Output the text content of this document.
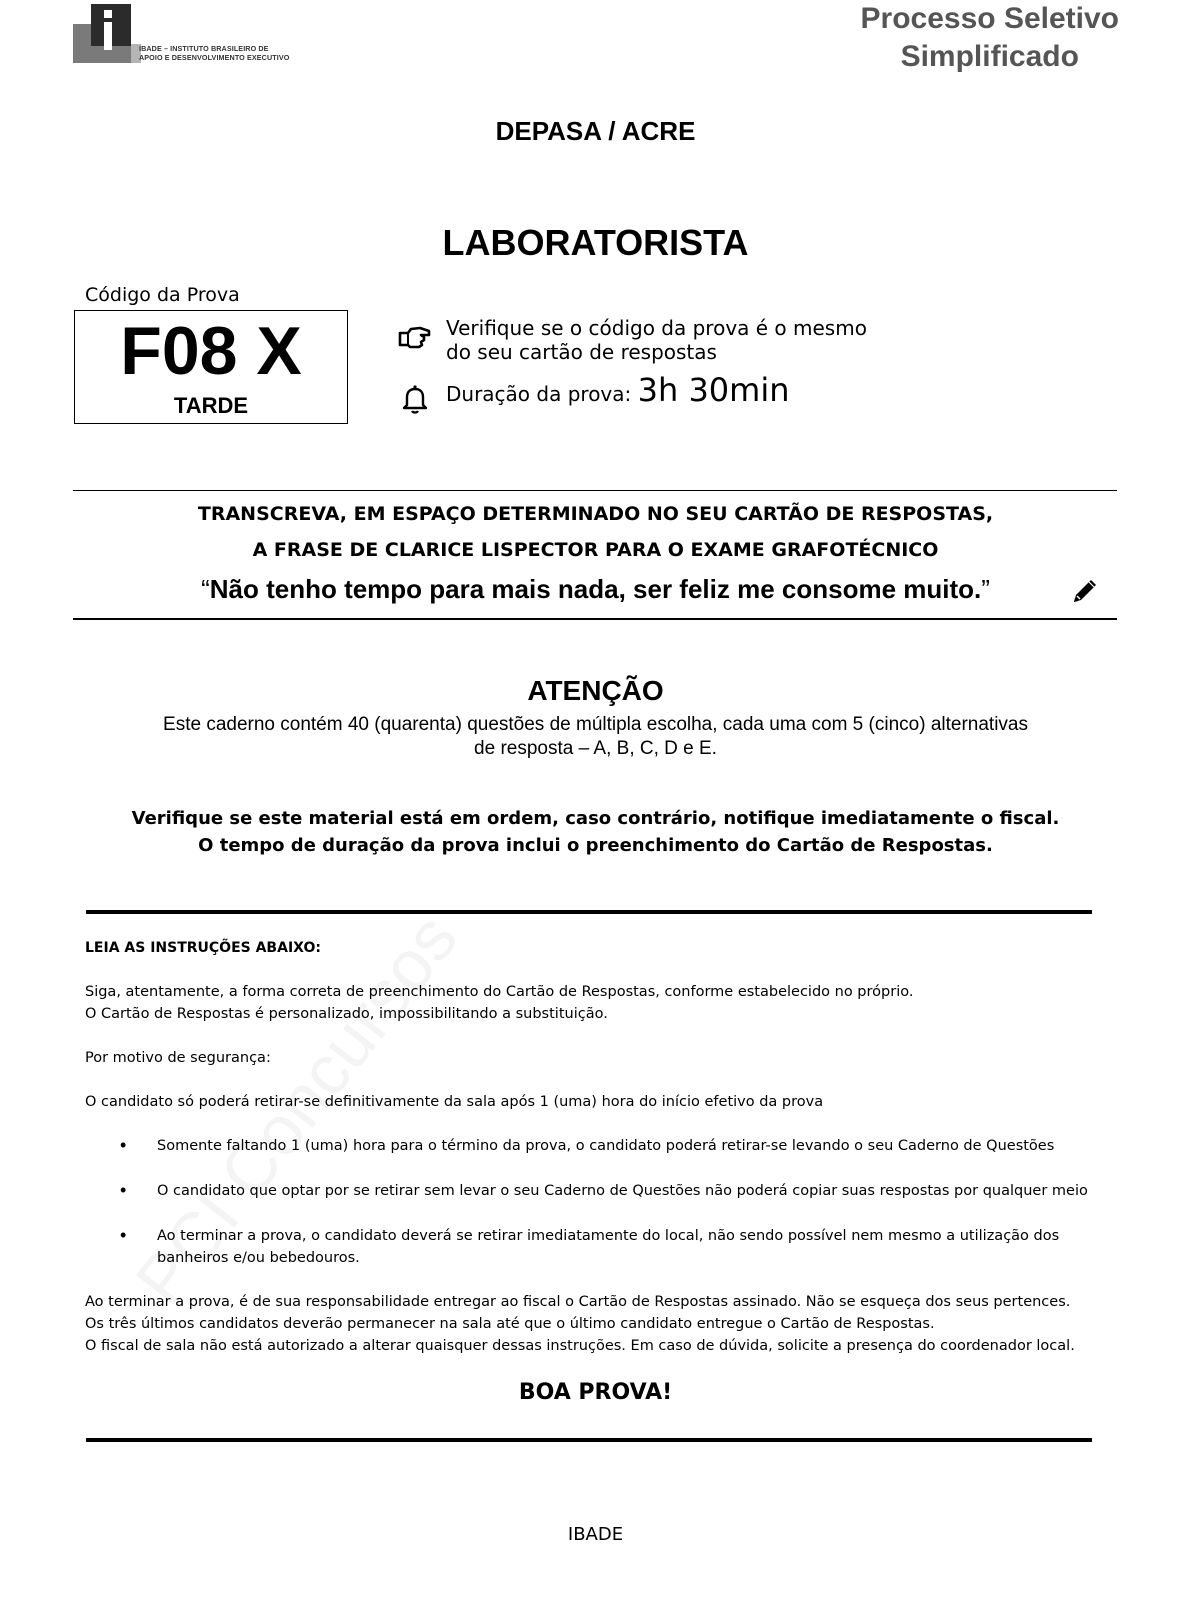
IBADE – INSTITUTO BRASILEIRO DE
APOIO E DESENVOLVIMENTO EXECUTIVO
Processo Seletivo
Simplificado
DEPASA / ACRE
LABORATORISTA
Código da Prova
F08 X
TARDE
Verifique se o código da prova é o mesmo
do seu cartão de respostas
Duração da prova: 3h 30min
TRANSCREVA, EM ESPAÇO DETERMINADO NO SEU CARTÃO DE RESPOSTAS,
A FRASE DE CLARICE LISPECTOR PARA O EXAME GRAFOTÉCNICO
“Não tenho tempo para mais nada, ser feliz me consome muito.”
ATENÇÃO
Este caderno contém 40 (quarenta) questões de múltipla escolha, cada uma com 5 (cinco) alternativas
de resposta – A, B, C, D e E.
Verifique se este material está em ordem, caso contrário, notifique imediatamente o fiscal.
O tempo de duração da prova inclui o preenchimento do Cartão de Respostas.
LEIA AS INSTRUÇÕES ABAIXO:
Siga, atentamente, a forma correta de preenchimento do Cartão de Respostas, conforme estabelecido no próprio.
O Cartão de Respostas é personalizado, impossibilitando a substituição.
Por motivo de segurança:
O candidato só poderá retirar-se definitivamente da sala após 1 (uma) hora do início efetivo da prova
•	Somente faltando 1 (uma) hora para o término da prova, o candidato poderá retirar-se levando o seu Caderno de Questões
•	O candidato que optar por se retirar sem levar o seu Caderno de Questões não poderá copiar suas respostas por qualquer meio
•	Ao terminar a prova, o candidato deverá se retirar imediatamente do local, não sendo possível nem mesmo a utilização dos banheiros e/ou bebedouros.
Ao terminar a prova, é de sua responsabilidade entregar ao fiscal o Cartão de Respostas assinado. Não se esqueça dos seus pertences.
Os três últimos candidatos deverão permanecer na sala até que o último candidato entregue o Cartão de Respostas.
O fiscal de sala não está autorizado a alterar quaisquer dessas instruções. Em caso de dúvida, solicite a presença do coordenador local.
BOA PROVA!
IBADE
